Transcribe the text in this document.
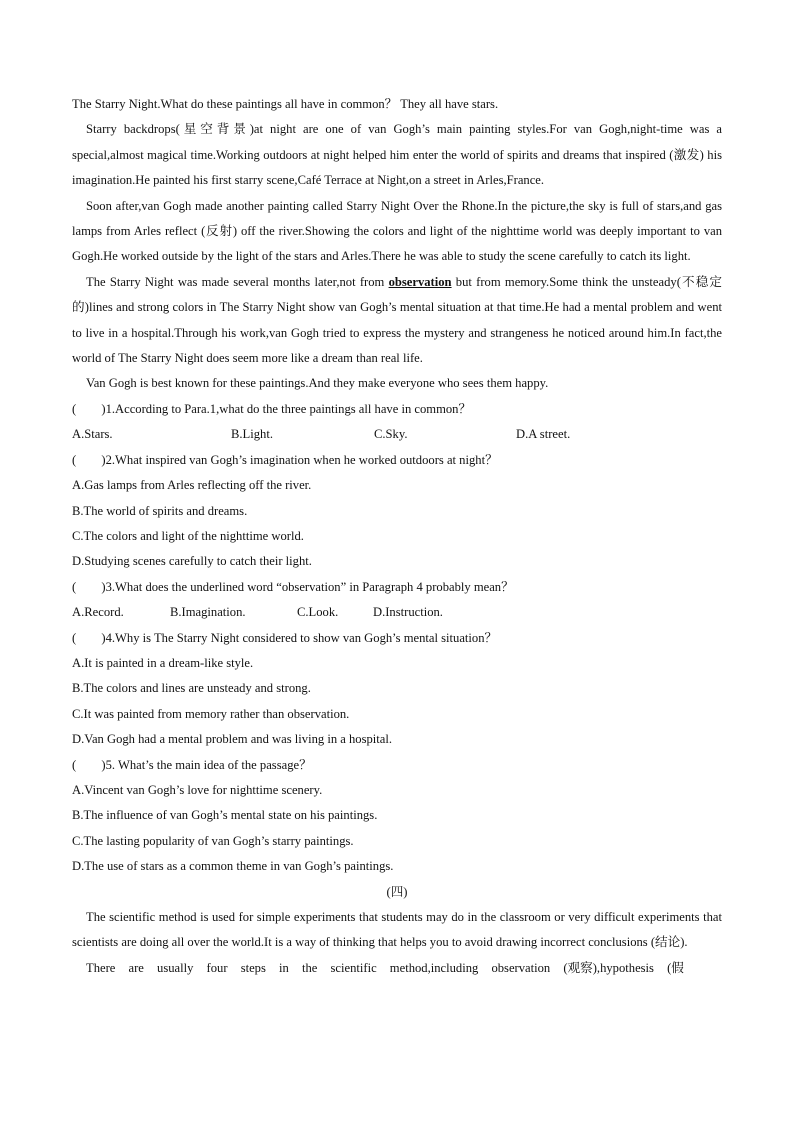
The Starry Night.What do these paintings all have in common？ They all have stars.

Starry backdrops(星空背景)at night are one of van Gogh’s main painting styles.For van Gogh,night-time was a special,almost magical time.Working outdoors at night helped him enter the world of spirits and dreams that inspired (激发) his imagination.He painted his first starry scene,Café Terrace at Night,on a street in Arles,France.

Soon after,van Gogh made another painting called Starry Night Over the Rhone.In the picture,the sky is full of stars,and gas lamps from Arles reflect (反射) off the river.Showing the colors and light of the nighttime world was deeply important to van Gogh.He worked outside by the light of the stars and Arles.There he was able to study the scene carefully to catch its light.

The Starry Night was made several months later,not from observation but from memory.Some think the unsteady(不稳定的)lines and strong colors in The Starry Night show van Gogh’s mental situation at that time.He had a mental problem and went to live in a hospital.Through his work,van Gogh tried to express the mystery and strangeness he noticed around him.In fact,the world of The Starry Night does seem more like a dream than real life.

Van Gogh is best known for these paintings.And they make everyone who sees them happy.

(　　)1.According to Para.1,what do the three paintings all have in common？

A.Stars.	B.Light.	C.Sky.	D.A street.

(　　)2.What inspired van Gogh’s imagination when he worked outdoors at night？

A.Gas lamps from Arles reflecting off the river.

B.The world of spirits and dreams.

C.The colors and light of the nighttime world.

D.Studying scenes carefully to catch their light.

(　　)3.What does the underlined word “observation” in Paragraph 4 probably mean？

A.Record.	B.Imagination.	C.Look.	D.Instruction.

(　　)4.Why is The Starry Night considered to show van Gogh’s mental situation？

A.It is painted in a dream-like style.

B.The colors and lines are unsteady and strong.

C.It was painted from memory rather than observation.

D.Van Gogh had a mental problem and was living in a hospital.

(　　)5. What’s the main idea of the passage？

A.Vincent van Gogh’s love for nighttime scenery.

B.The influence of van Gogh’s mental state on his paintings.

C.The lasting popularity of van Gogh’s starry paintings.

D.The use of stars as a common theme in van Gogh’s paintings.

(四)

The scientific method is used for simple experiments that students may do in the classroom or very difficult experiments that scientists are doing all over the world.It is a way of thinking that helps you to avoid drawing incorrect conclusions (结论).

There are usually four steps in the scientific method,including observation (观察),hypothesis (假
